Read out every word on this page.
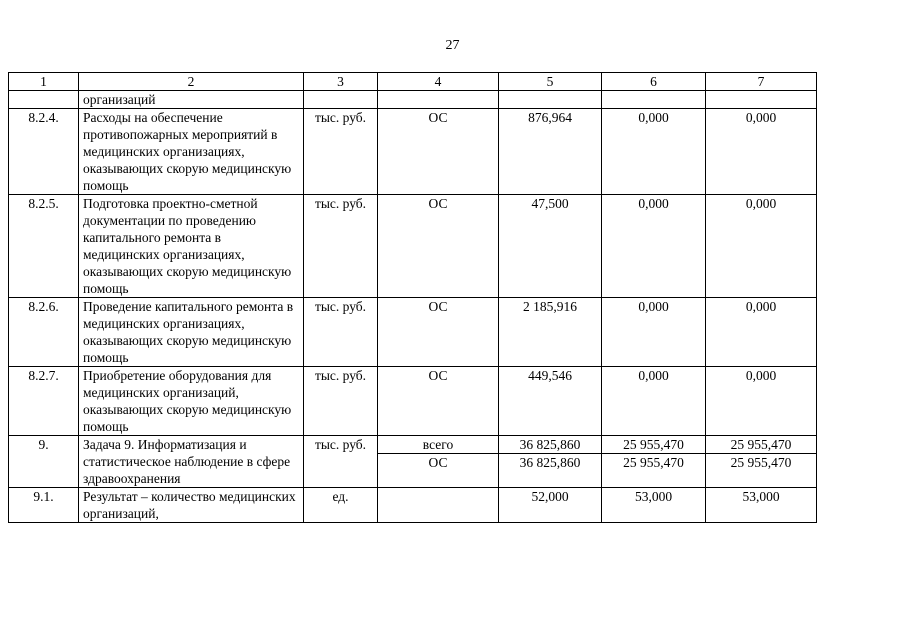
27
1	2	3	4	5	6	7
	организаций					
8.2.4.	Расходы на обеспечение противопожарных мероприятий в медицинских организациях, оказывающих скорую медицинскую помощь	тыс. руб.	ОС	876,964	0,000	0,000
8.2.5.	Подготовка проектно-сметной документации по проведению капитального ремонта в медицинских организациях, оказывающих скорую медицинскую помощь	тыс. руб.	ОС	47,500	0,000	0,000
8.2.6.	Проведение капитального ремонта в медицинских организациях, оказывающих скорую медицинскую помощь	тыс. руб.	ОС	2 185,916	0,000	0,000
8.2.7.	Приобретение оборудования для медицинских организаций, оказывающих скорую медицинскую помощь	тыс. руб.	ОС	449,546	0,000	0,000
9.	Задача 9. Информатизация и статистическое наблюдение в сфере здравоохранения	тыс. руб.	всего	36 825,860	25 955,470	25 955,470
			ОС	36 825,860	25 955,470	25 955,470
9.1.	Результат – количество медицинских организаций,	ед.		52,000	53,000	53,000
